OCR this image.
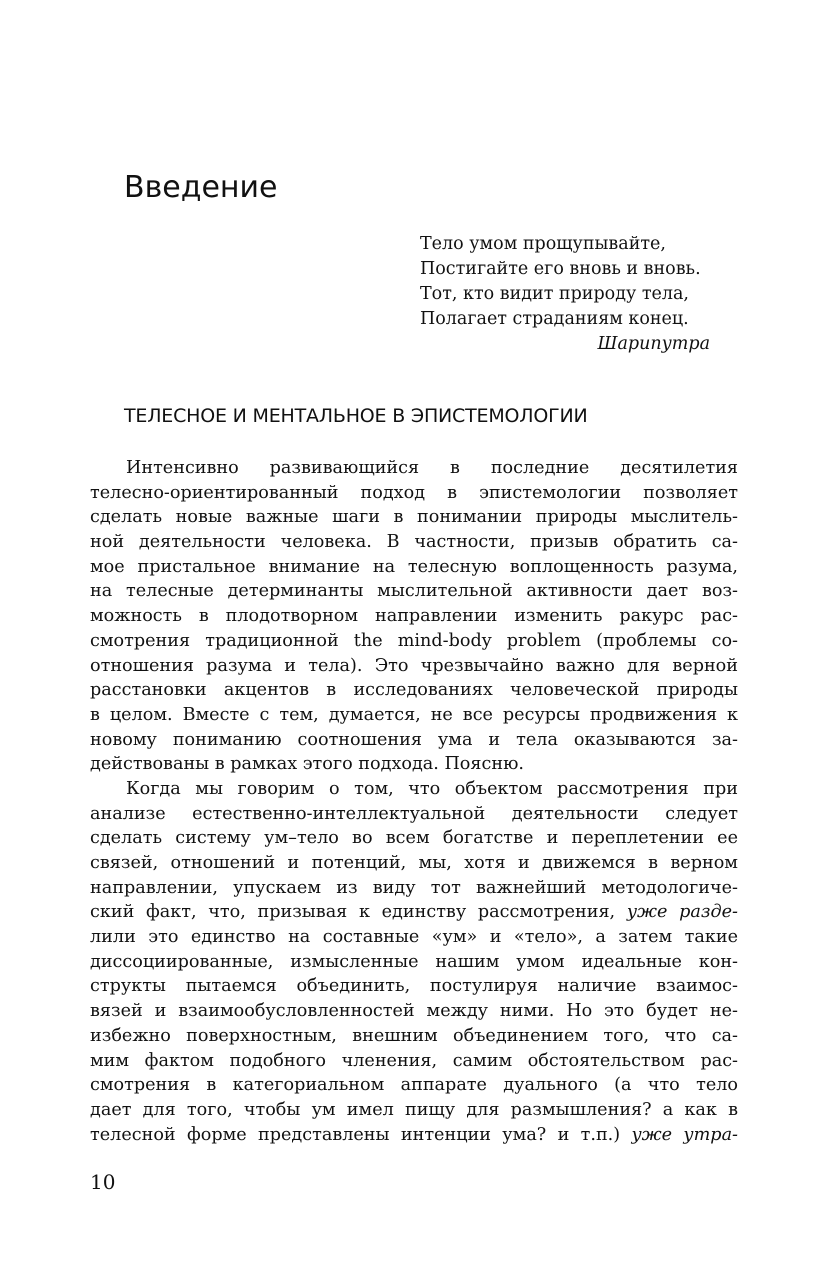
Введение
Тело умом прощупывайте,
Постигайте его вновь и вновь.
Тот, кто видит природу тела,
Полагает страданиям конец.
Шарипутра
ТЕЛЕСНОЕ И МЕНТАЛЬНОЕ В ЭПИСТЕМОЛОГИИ
Интенсивно развивающийся в последние десятилетия
телесно-ориентированный подход в эпистемологии позволяет
сделать новые важные шаги в понимании природы мыслитель-
ной деятельности человека. В частности, призыв обратить са-
мое пристальное внимание на телесную воплощенность разума,
на телесные детерминанты мыслительной активности дает воз-
можность в плодотворном направлении изменить ракурс рас-
смотрения традиционной the mind-body problem (проблемы со-
отношения разума и тела). Это чрезвычайно важно для верной
расстановки акцентов в исследованиях человеческой природы
в целом. Вместе с тем, думается, не все ресурсы продвижения к
новому пониманию соотношения ума и тела оказываются за-
действованы в рамках этого подхода. Поясню.
Когда мы говорим о том, что объектом рассмотрения при
анализе естественно-интеллектуальной деятельности следует
сделать систему ум–тело во всем богатстве и переплетении ее
связей, отношений и потенций, мы, хотя и движемся в верном
направлении, упускаем из виду тот важнейший методологиче-
ский факт, что, призывая к единству рассмотрения, уже разде-
лили это единство на составные «ум» и «тело», а затем такие
диссоциированные, измысленные нашим умом идеальные кон-
структы пытаемся объединить, постулируя наличие взаимос-
вязей и взаимообусловленностей между ними. Но это будет не-
избежно поверхностным, внешним объединением того, что са-
мим фактом подобного членения, самим обстоятельством рас-
смотрения в категориальном аппарате дуального (а что тело
дает для того, чтобы ум имел пищу для размышления? а как в
телесной форме представлены интенции ума? и т.п.) уже утра-
10
